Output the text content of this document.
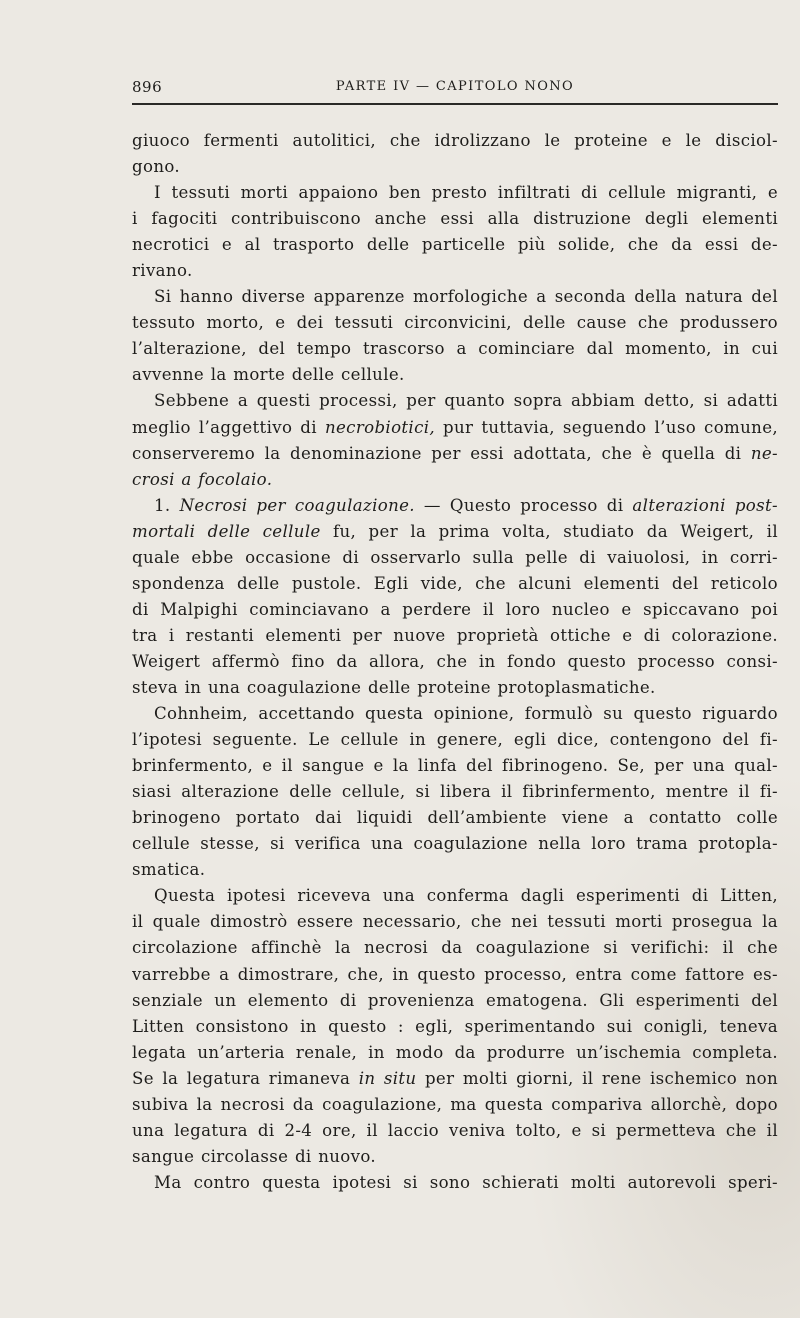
896	PARTE IV — CAPITOLO NONO
giuoco fermenti autolitici, che idrolizzano le proteine e le disciol-
gono.
I tessuti morti appaiono ben presto infiltrati di cellule migranti, e
i fagociti contribuiscono anche essi alla distruzione degli elementi
necrotici e al trasporto delle particelle più solide, che da essi de-
rivano.
Si hanno diverse apparenze morfologiche a seconda della natura del
tessuto morto, e dei tessuti circonvicini, delle cause che produssero
l’alterazione, del tempo trascorso a cominciare dal momento, in cui
avvenne la morte delle cellule.
Sebbene a questi processi, per quanto sopra abbiam detto, si adatti
meglio l’aggettivo di necrobiotici, pur tuttavia, seguendo l’uso comune,
conserveremo la denominazione per essi adottata, che è quella di ne-
crosi a focolaio.
1. Necrosi per coagulazione. — Questo processo di alterazioni post-
mortali delle cellule fu, per la prima volta, studiato da Weigert, il
quale ebbe occasione di osservarlo sulla pelle di vaiuolosi, in corri-
spondenza delle pustole. Egli vide, che alcuni elementi del reticolo
di Malpighi cominciavano a perdere il loro nucleo e spiccavano poi
tra i restanti elementi per nuove proprietà ottiche e di colorazione.
Weigert affermò fino da allora, che in fondo questo processo consi-
steva in una coagulazione delle proteine protoplasmatiche.
Cohnheim, accettando questa opinione, formulò su questo riguardo
l’ipotesi seguente. Le cellule in genere, egli dice, contengono del fi-
brinfermento, e il sangue e la linfa del fibrinogeno. Se, per una qual-
siasi alterazione delle cellule, si libera il fibrinfermento, mentre il fi-
brinogeno portato dai liquidi dell’ambiente viene a contatto colle
cellule stesse, si verifica una coagulazione nella loro trama protopla-
smatica.
Questa ipotesi riceveva una conferma dagli esperimenti di Litten,
il quale dimostrò essere necessario, che nei tessuti morti prosegua la
circolazione affinchè la necrosi da coagulazione si verifichi: il che
varrebbe a dimostrare, che, in questo processo, entra come fattore es-
senziale un elemento di provenienza ematogena. Gli esperimenti del
Litten consistono in questo : egli, sperimentando sui conigli, teneva
legata un’arteria renale, in modo da produrre un’ischemia completa.
Se la legatura rimaneva in situ per molti giorni, il rene ischemico non
subiva la necrosi da coagulazione, ma questa compariva allorchè, dopo
una legatura di 2-4 ore, il laccio veniva tolto, e si permetteva che il
sangue circolasse di nuovo.
Ma contro questa ipotesi si sono schierati molti autorevoli speri-
